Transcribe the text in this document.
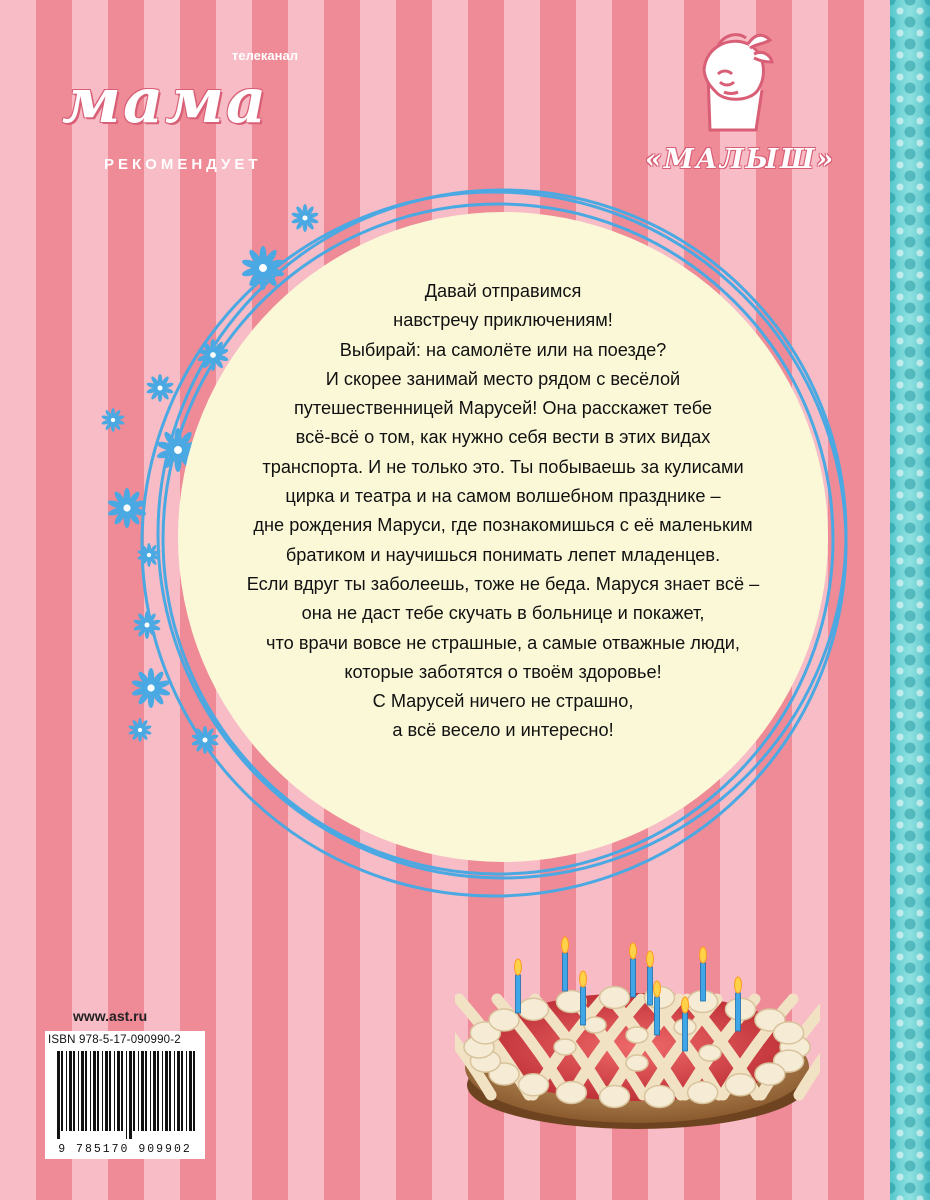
телеканал
мама
РЕКОМЕНДУЕТ	«МАЛЫШ»

Давай отправимся
навстречу приключениям!
Выбирай: на самолёте или на поезде?
И скорее занимай место рядом с весёлой
путешественницей Марусей! Она расскажет тебе
всё-всё о том, как нужно себя вести в этих видах
транспорта. И не только это. Ты побываешь за кулисами
цирка и театра и на самом волшебном празднике –
дне рождения Маруси, где познакомишься с её маленьким
братиком и научишься понимать лепет младенцев.
Если вдруг ты заболеешь, тоже не беда. Маруся знает всё –
она не даст тебе скучать в больнице и покажет,
что врачи вовсе не страшные, а самые отважные люди,
которые заботятся о твоём здоровье!
С Марусей ничего не страшно,
а всё весело и интересно!

www.ast.ru
ISBN 978-5-17-090990-2
9 785170 909902
